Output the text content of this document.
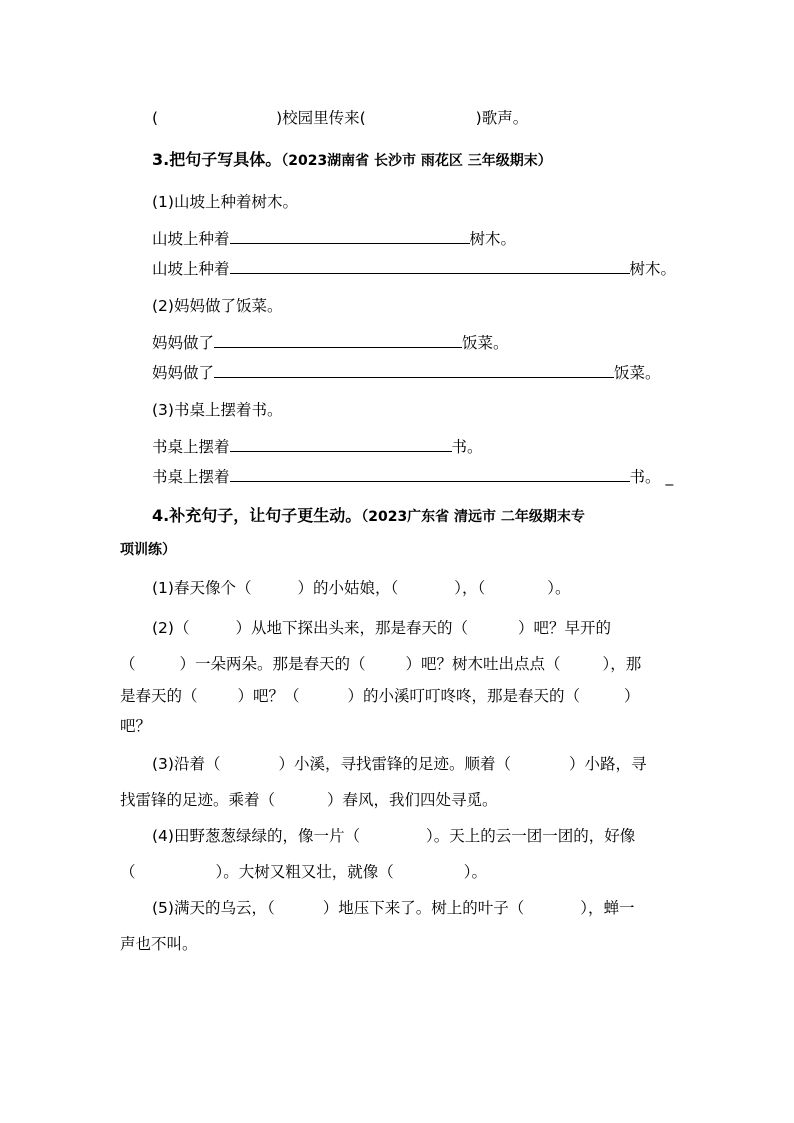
(	)校园里传来(	)歌声。
3.把句子写具体。（2023湖南省 长沙市 雨花区 三年级期末）
(1)山坡上种着树木。
山坡上种着	树木。
山坡上种着	树木。
(2)妈妈做了饭菜。
妈妈做了	饭菜。
妈妈做了	饭菜。
(3)书桌上摆着书。
书桌上摆着	书。
书桌上摆着	书。 _
4.补充句子，让句子更生动。（2023广东省 清远市 二年级期末专
项训练）
(1)春天像个（	）的小姑娘，（	），（	）。
(2)（	）从地下探出头来，那是春天的（	）吧？早开的
（	）一朵两朵。那是春天的（	）吧？树木吐出点点（	），那
是春天的（	）吧？（	）的小溪叮叮咚咚，那是春天的（	）
吧？
(3)沿着（	）小溪，寻找雷锋的足迹。顺着（	）小路，寻
找雷锋的足迹。乘着（	）春风，我们四处寻觅。
(4)田野葱葱绿绿的，像一片（	）。天上的云一团一团的，好像
（	）。大树又粗又壮，就像（	）。
(5)满天的乌云，（	）地压下来了。树上的叶子（	），蝉一
声也不叫。
